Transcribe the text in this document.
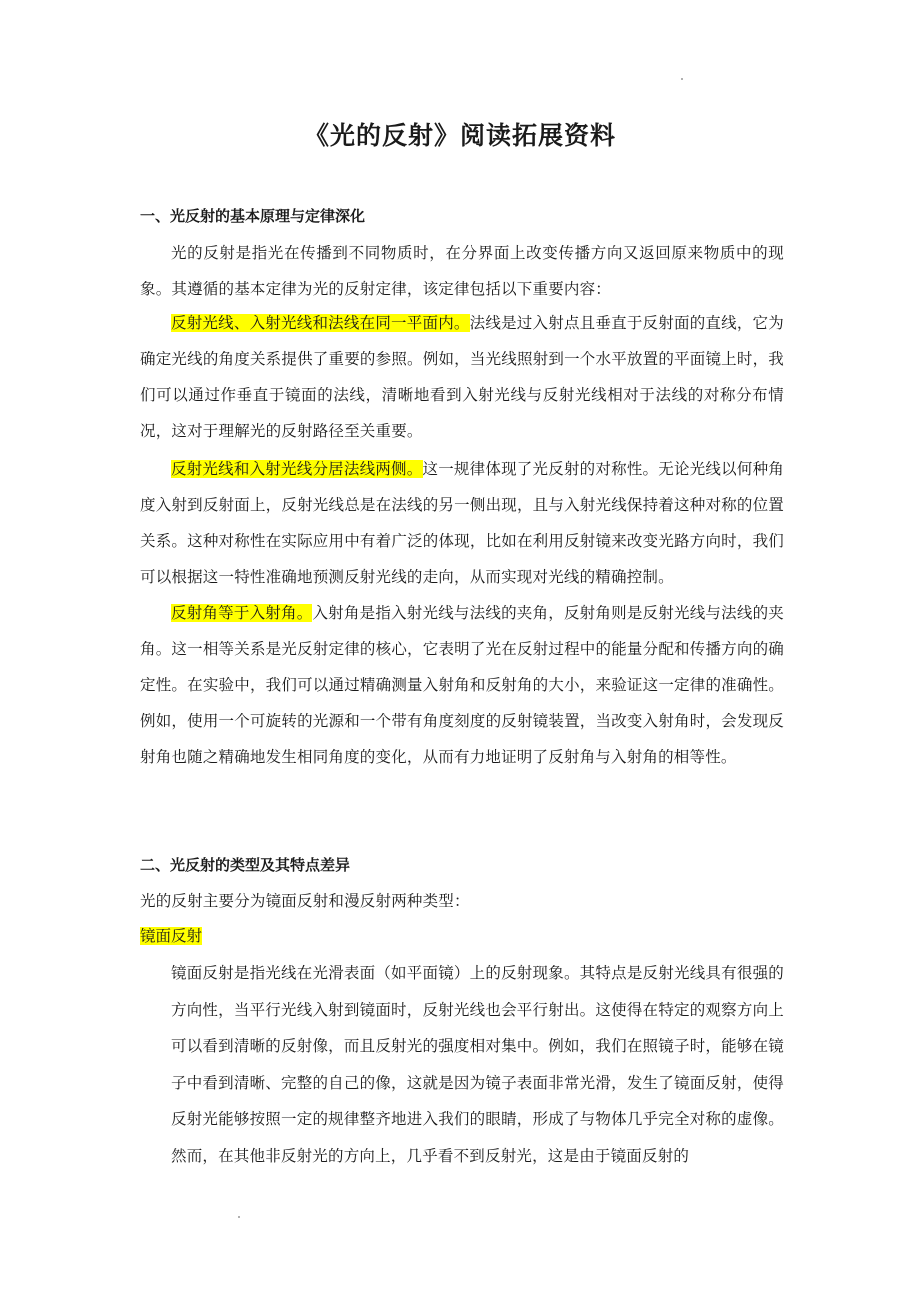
《光的反射》阅读拓展资料
一、光反射的基本原理与定律深化
光的反射是指光在传播到不同物质时，在分界面上改变传播方向又返回原来物质中的现象。其遵循的基本定律为光的反射定律，该定律包括以下重要内容：
反射光线、入射光线和法线在同一平面内。法线是过入射点且垂直于反射面的直线，它为确定光线的角度关系提供了重要的参照。例如，当光线照射到一个水平放置的平面镜上时，我们可以通过作垂直于镜面的法线，清晰地看到入射光线与反射光线相对于法线的对称分布情况，这对于理解光的反射路径至关重要。
反射光线和入射光线分居法线两侧。这一规律体现了光反射的对称性。无论光线以何种角度入射到反射面上，反射光线总是在法线的另一侧出现，且与入射光线保持着这种对称的位置关系。这种对称性在实际应用中有着广泛的体现，比如在利用反射镜来改变光路方向时，我们可以根据这一特性准确地预测反射光线的走向，从而实现对光线的精确控制。
反射角等于入射角。入射角是指入射光线与法线的夹角，反射角则是反射光线与法线的夹角。这一相等关系是光反射定律的核心，它表明了光在反射过程中的能量分配和传播方向的确定性。在实验中，我们可以通过精确测量入射角和反射角的大小，来验证这一定律的准确性。例如，使用一个可旋转的光源和一个带有角度刻度的反射镜装置，当改变入射角时，会发现反射角也随之精确地发生相同角度的变化，从而有力地证明了反射角与入射角的相等性。
二、光反射的类型及其特点差异
光的反射主要分为镜面反射和漫反射两种类型：
镜面反射
镜面反射是指光线在光滑表面（如平面镜）上的反射现象。其特点是反射光线具有很强的方向性，当平行光线入射到镜面时，反射光线也会平行射出。这使得在特定的观察方向上可以看到清晰的反射像，而且反射光的强度相对集中。例如，我们在照镜子时，能够在镜子中看到清晰、完整的自己的像，这就是因为镜子表面非常光滑，发生了镜面反射，使得反射光能够按照一定的规律整齐地进入我们的眼睛，形成了与物体几乎完全对称的虚像。然而，在其他非反射光的方向上，几乎看不到反射光，这是由于镜面反射的
